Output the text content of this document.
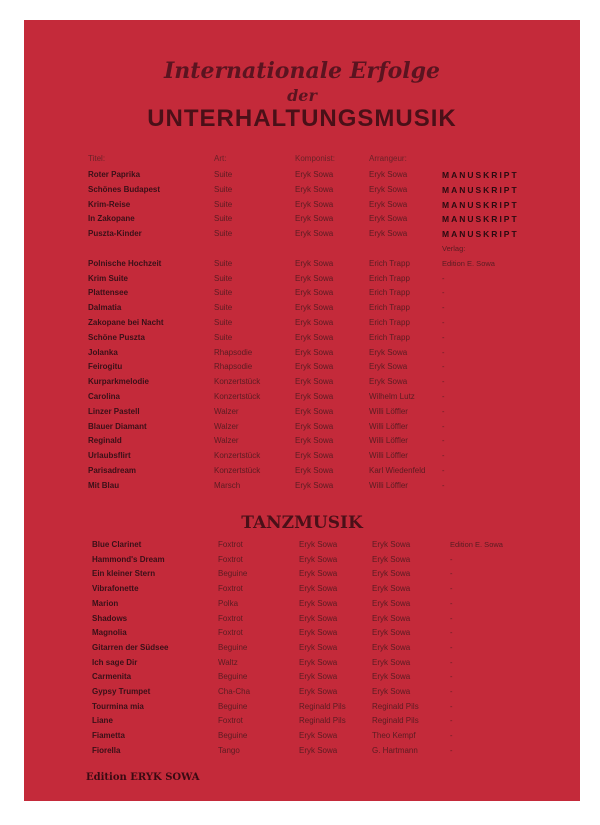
Internationale Erfolge
der
UNTERHALTUNGSMUSIK
Titel:	Art:	Komponist:	Arrangeur:
Roter Paprika	Suite	Eryk Sowa	Eryk Sowa	MANUSKRIPT
Schönes Budapest	Suite	Eryk Sowa	Eryk Sowa	MANUSKRIPT
Krim-Reise	Suite	Eryk Sowa	Eryk Sowa	MANUSKRIPT
In Zakopane	Suite	Eryk Sowa	Eryk Sowa	MANUSKRIPT
Puszta-Kinder	Suite	Eryk Sowa	Eryk Sowa	MANUSKRIPT
Verlag:
Polnische Hochzeit	Suite	Eryk Sowa	Erich Trapp	Edition E. Sowa
Krim Suite	Suite	Eryk Sowa	Erich Trapp	-
Plattensee	Suite	Eryk Sowa	Erich Trapp	-
Dalmatia	Suite	Eryk Sowa	Erich Trapp	-
Zakopane bei Nacht	Suite	Eryk Sowa	Erich Trapp	-
Schöne Puszta	Suite	Eryk Sowa	Erich Trapp	-
Jolanka	Rhapsodie	Eryk Sowa	Eryk Sowa	-
Feirogitu	Rhapsodie	Eryk Sowa	Eryk Sowa	-
Kurparkmelodie	Konzertstück	Eryk Sowa	Eryk Sowa	-
Carolina	Konzertstück	Eryk Sowa	Wilhelm Lutz	-
Linzer Pastell	Walzer	Eryk Sowa	Willi Löffler	-
Blauer Diamant	Walzer	Eryk Sowa	Willi Löffler	-
Reginald	Walzer	Eryk Sowa	Willi Löffler	-
Urlaubsflirt	Konzertstück	Eryk Sowa	Willi Löffler	-
Parisadream	Konzertstück	Eryk Sowa	Karl Wiedenfeld -
Mit Blau	Marsch	Eryk Sowa	Willi Löffler	-
TANZMUSIK
Blue Clarinet	Foxtrot	Eryk Sowa	Eryk Sowa	Edition E. Sowa
Hammond's Dream	Foxtrot	Eryk Sowa	Eryk Sowa	-
Ein kleiner Stern	Beguine	Eryk Sowa	Eryk Sowa	-
Vibrafonette	Foxtrot	Eryk Sowa	Eryk Sowa	-
Marion	Polka	Eryk Sowa	Eryk Sowa	-
Shadows	Foxtrot	Eryk Sowa	Eryk Sowa	-
Magnolia	Foxtrot	Eryk Sowa	Eryk Sowa	-
Gitarren der Südsee	Beguine	Eryk Sowa	Eryk Sowa	-
Ich sage Dir	Waltz	Eryk Sowa	Eryk Sowa	-
Carmenita	Beguine	Eryk Sowa	Eryk Sowa	-
Gypsy Trumpet	Cha-Cha	Eryk Sowa	Eryk Sowa	-
Tourmina mia	Beguine	Reginald Pils	Reginald Pils	-
Liane	Foxtrot	Reginald Pils	Reginald Pils	-
Fiametta	Beguine	Eryk Sowa	Theo Kempf	-
Fiorella	Tango	Eryk Sowa	G. Hartmann	-
Edition ERYK SOWA
